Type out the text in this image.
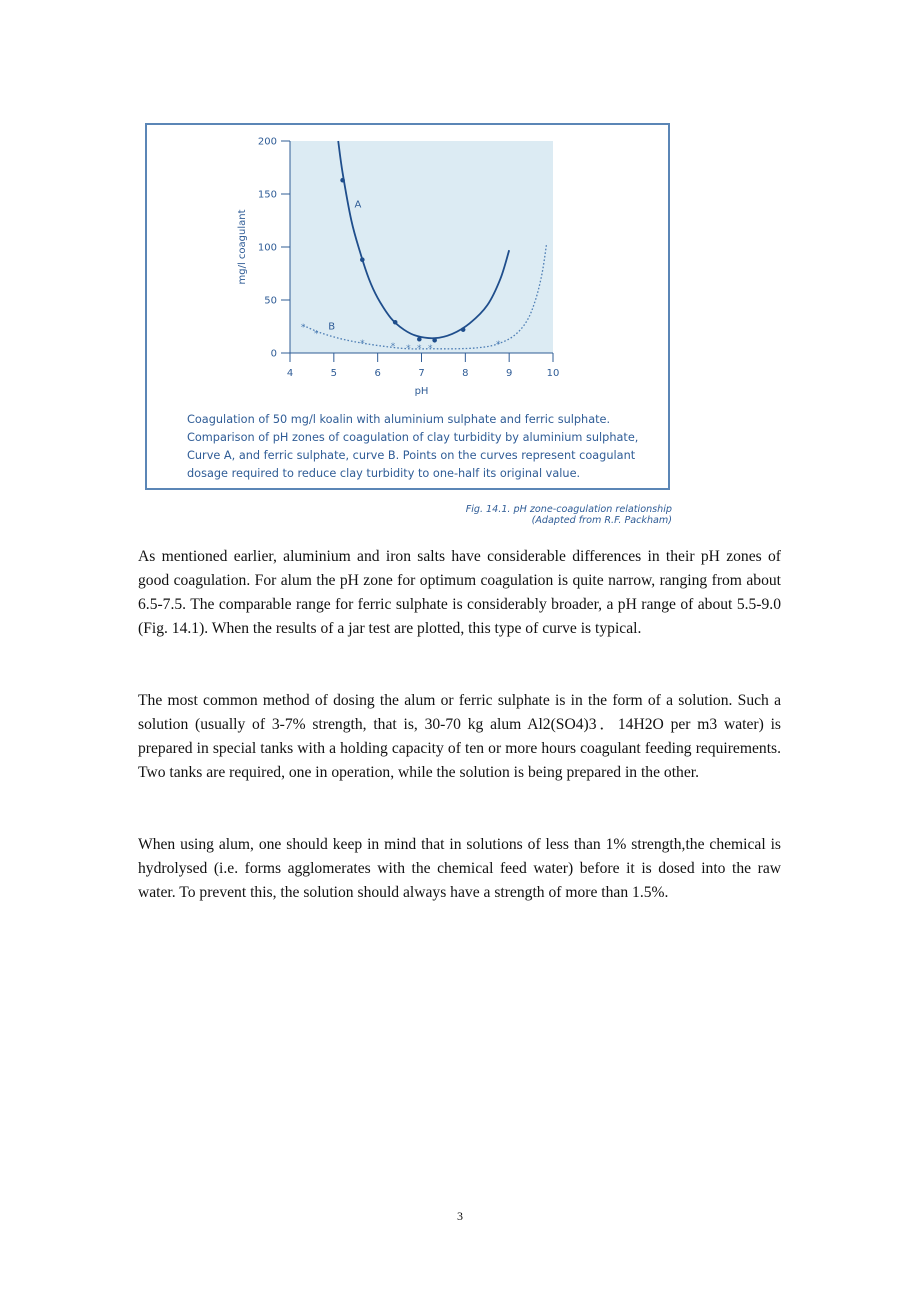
0
50
100
150
200
4	5	6	7	8	9	10
pH
mg/l coagulant
*
*
*	* * * *	*
A
B

Coagulation of 50 mg/l koalin with aluminium sulphate and ferric sulphate.
Comparison of pH zones of coagulation of clay turbidity by aluminium sulphate,
Curve A, and ferric sulphate, curve B. Points on the curves represent coagulant
dosage required to reduce clay turbidity to one-half its original value.

Fig. 14.1. pH zone-coagulation relationship
(Adapted from R.F. Packham)

As mentioned earlier, aluminium and iron salts have considerable differences in their pH zones of good coagulation. For alum the pH zone for optimum coagulation is quite narrow, ranging from about 6.5-7.5. The comparable range for ferric sulphate is considerably broader, a pH range of about 5.5-9.0 (Fig. 14.1). When the results of a jar test are plotted, this type of curve is typical.

The most common method of dosing the alum or ferric sulphate is in the form of a solution. Such a solution (usually of 3-7% strength, that is, 30-70 kg alum Al2(SO4)3．14H2O per m3 water) is prepared in special tanks with a holding capacity of ten or more hours coagulant feeding requirements. Two tanks are required, one in operation, while the solution is being prepared in the other.

When using alum, one should keep in mind that in solutions of less than 1% strength,the chemical is hydrolysed (i.e. forms agglomerates with the chemical feed water) before it is dosed into the raw water. To prevent this, the solution should always have a strength of more than 1.5%.

3
